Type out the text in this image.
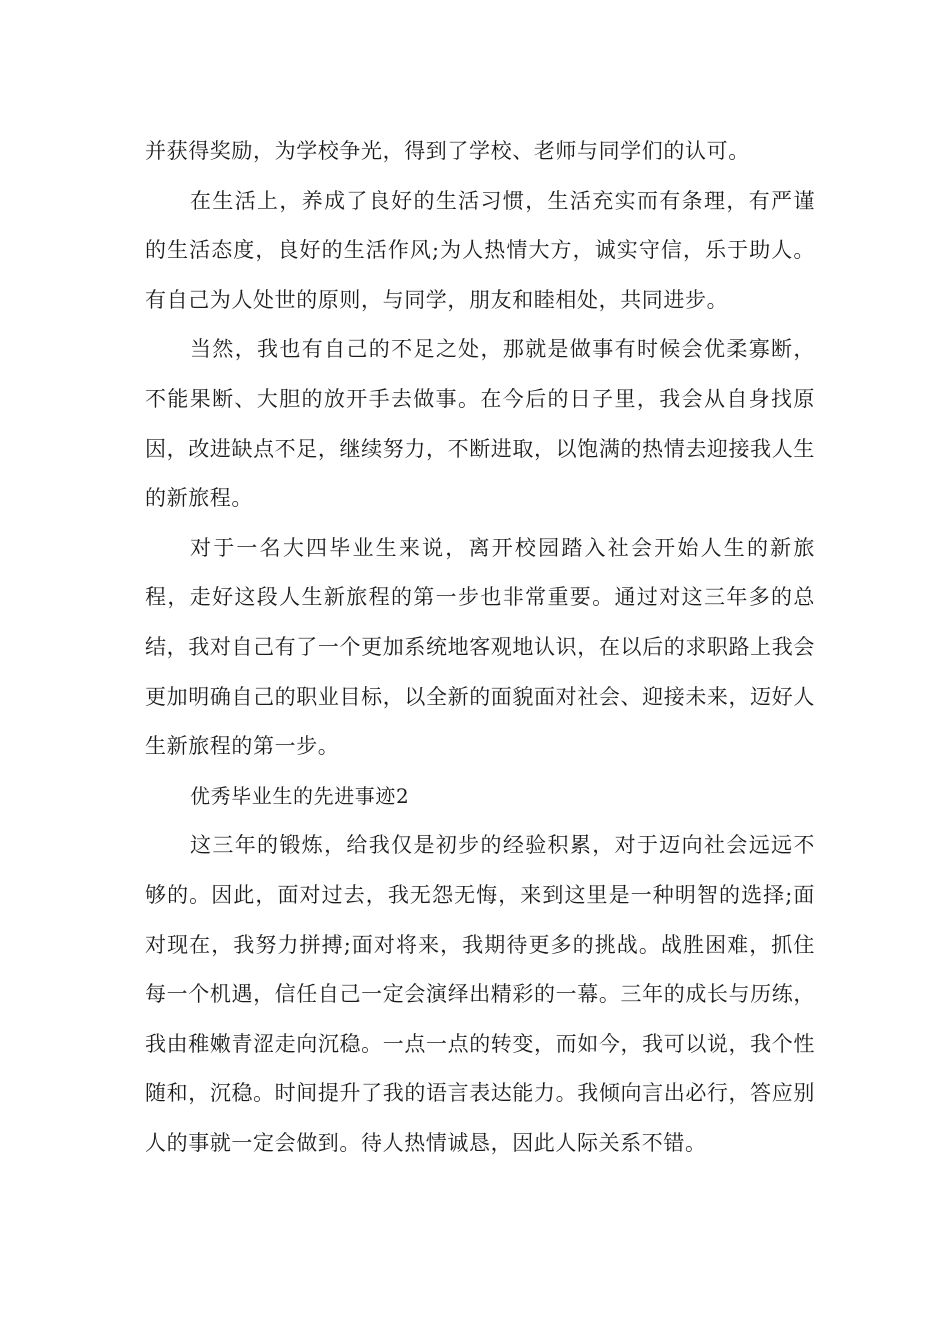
并获得奖励，为学校争光，得到了学校、老师与同学们的认可。

在生活上，养成了良好的生活习惯，生活充实而有条理，有严谨的生活态度，良好的生活作风;为人热情大方，诚实守信，乐于助人。有自己为人处世的原则，与同学，朋友和睦相处，共同进步。

当然，我也有自己的不足之处，那就是做事有时候会优柔寡断，不能果断、大胆的放开手去做事。在今后的日子里，我会从自身找原因，改进缺点不足，继续努力，不断进取，以饱满的热情去迎接我人生的新旅程。

对于一名大四毕业生来说，离开校园踏入社会开始人生的新旅程，走好这段人生新旅程的第一步也非常重要。通过对这三年多的总结，我对自己有了一个更加系统地客观地认识，在以后的求职路上我会更加明确自己的职业目标，以全新的面貌面对社会、迎接未来，迈好人生新旅程的第一步。

优秀毕业生的先进事迹2

这三年的锻炼，给我仅是初步的经验积累，对于迈向社会远远不够的。因此，面对过去，我无怨无悔，来到这里是一种明智的选择;面对现在，我努力拼搏;面对将来，我期待更多的挑战。战胜困难，抓住每一个机遇，信任自己一定会演绎出精彩的一幕。三年的成长与历练，我由稚嫩青涩走向沉稳。一点一点的转变，而如今，我可以说，我个性随和，沉稳。时间提升了我的语言表达能力。我倾向言出必行，答应别人的事就一定会做到。待人热情诚恳，因此人际关系不错。
